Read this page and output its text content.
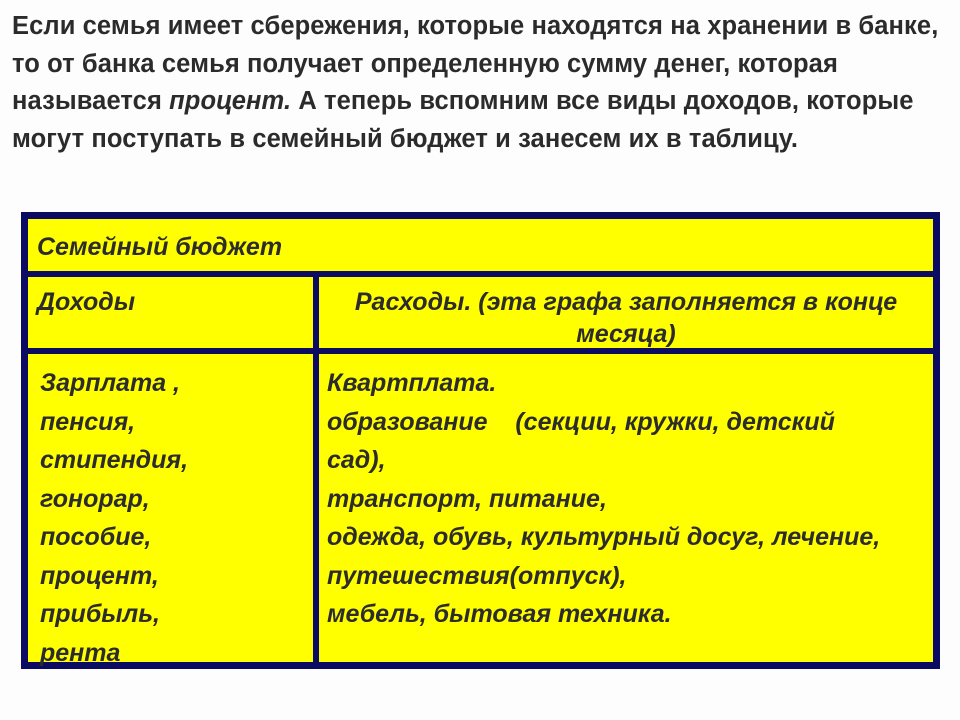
Если семья имеет сбережения, которые находятся на хранении в банке, то от банка семья получает определенную сумму денег, которая называется процент. А теперь вспомним все виды доходов, которые могут поступать в семейный бюджет и занесем их в таблицу.
Семейный бюджет
Доходы	Расходы. (эта графа заполняется в конце месяца)
Зарплата ,
пенсия,
стипендия,
гонорар,
пособие,
процент,
прибыль,
рента
Квартплата.
образование    (секции, кружки, детский
сад),
транспорт, питание,
одежда, обувь, культурный досуг, лечение,
путешествия(отпуск),
мебель, бытовая техника.
